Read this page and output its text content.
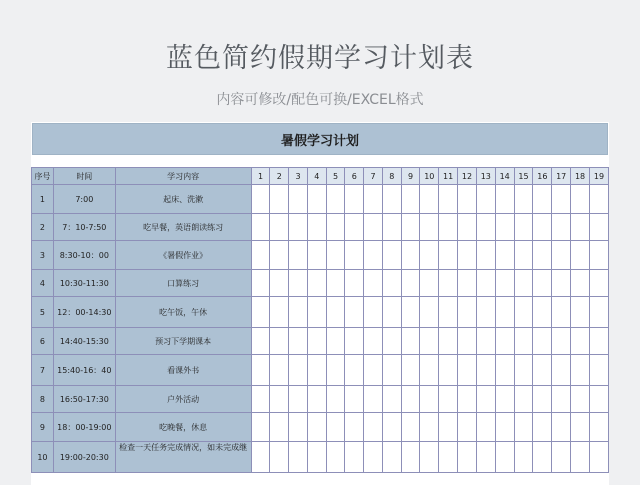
蓝色简约假期学习计划表
内容可修改/配色可换/EXCEL格式
暑假学习计划
序号	时间	学习内容	1	2	3	4	5	6	7	8	9	10	11	12	13	14	15	16	17	18	19
1	7:00	起床、洗漱																			
2	7：10-7:50	吃早餐，英语朗读练习																			
3	8:30-10：00	《暑假作业》																			
4	10:30-11:30	口算练习																			
5	12：00-14:30	吃午饭，午休																			
6	14:40-15:30	预习下学期课本																			
7	15:40-16：40	看课外书																			
8	16:50-17:30	户外活动																			
9	18：00-19:00	吃晚餐，休息																			
10	19:00-20:30	检查一天任务完成情况，如未完成继																			
